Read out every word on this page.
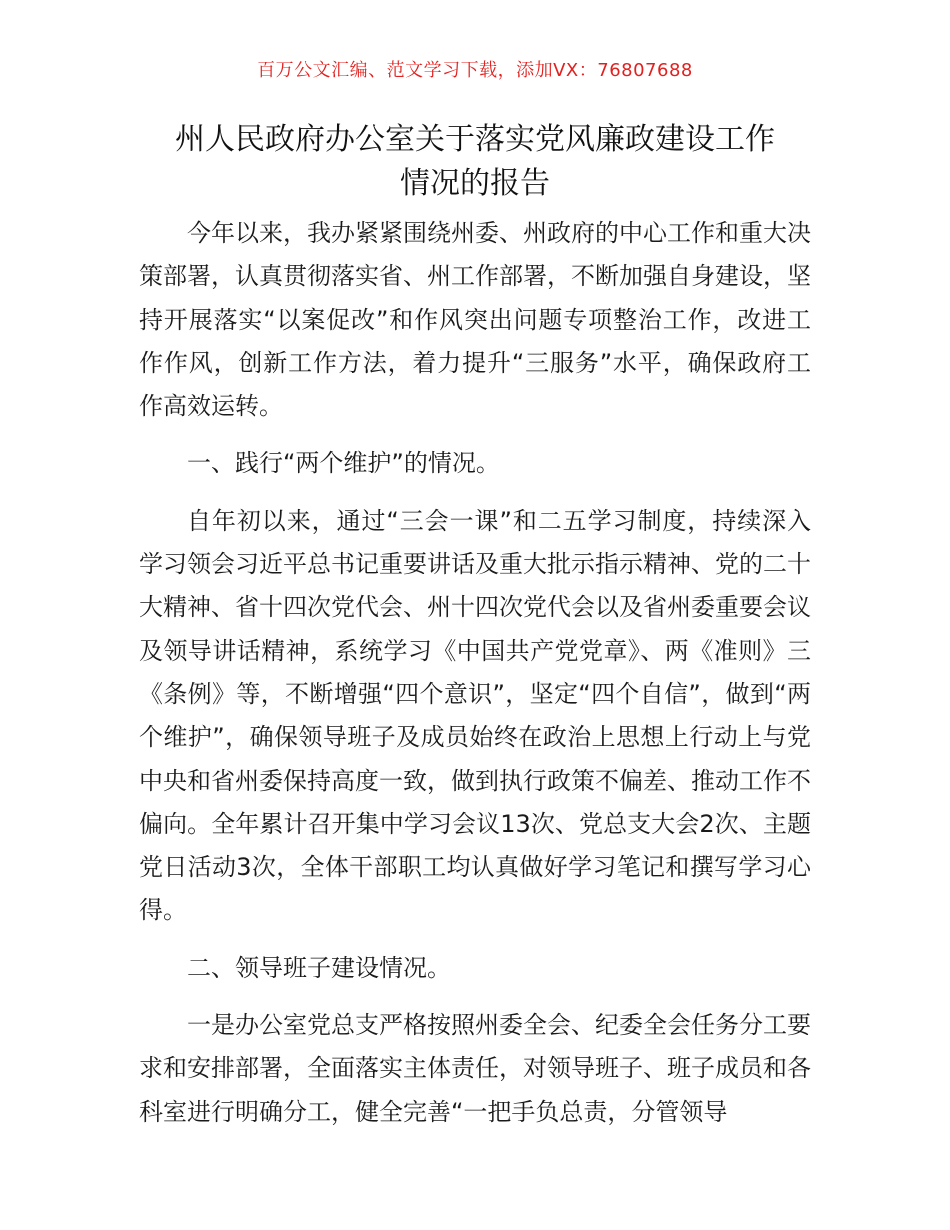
百万公文汇编、范文学习下载，添加VX：76807688
州人民政府办公室关于落实党风廉政建设工作
情况的报告

今年以来，我办紧紧围绕州委、州政府的中心工作和重大决策部署，认真贯彻落实省、州工作部署，不断加强自身建设，坚持开展落实“以案促改”和作风突出问题专项整治工作，改进工作作风，创新工作方法，着力提升“三服务”水平，确保政府工作高效运转。

一、践行“两个维护”的情况。

自年初以来，通过“三会一课”和二五学习制度，持续深入学习领会习近平总书记重要讲话及重大批示指示精神、党的二十大精神、省十四次党代会、州十四次党代会以及省州委重要会议及领导讲话精神，系统学习《中国共产党党章》、两《准则》三《条例》等，不断增强“四个意识”，坚定“四个自信”，做到“两个维护”，确保领导班子及成员始终在政治上思想上行动上与党中央和省州委保持高度一致，做到执行政策不偏差、推动工作不偏向。全年累计召开集中学习会议13次、党总支大会2次、主题党日活动3次，全体干部职工均认真做好学习笔记和撰写学习心得。

二、领导班子建设情况。

一是办公室党总支严格按照州委全会、纪委全会任务分工要求和安排部署，全面落实主体责任，对领导班子、班子成员和各科室进行明确分工，健全完善“一把手负总责，分管领导
